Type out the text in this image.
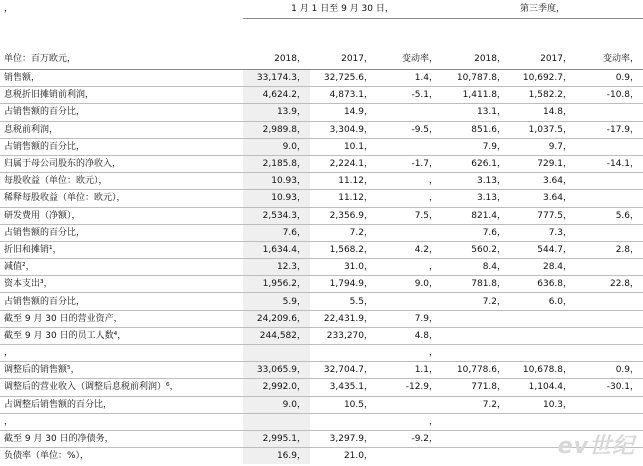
，	1 月 1 日至 9 月 30 日，			第三季度，		
单位：百万欧元，	2018，	2017，	变动率，	2018，	2017，	变动率，
销售额，	33,174.3，	32,725.6，	1.4，	10,787.8，	10,692.7，	0.9，
息税折旧摊销前利润，	4,624.2，	4,873.1，	-5.1，	1,411.8，	1,582.2，	-10.8，
占销售额的百分比，	13.9，	14.9，		13.1，	14.8，	
息税前利润，	2,989.8，	3,304.9，	-9.5，	851.6，	1,037.5，	-17.9，
占销售额的百分比，	9.0，	10.1，		7.9，	9.7，	
归属于母公司股东的净收入，	2,185.8，	2,224.1，	-1.7，	626.1，	729.1，	-14.1，
每股收益（单位：欧元），	10.93，	11.12，	，	3.13，	3.64，	
稀释每股收益（单位：欧元），	10.93，	11.12，	，	3.13，	3.64，	
研发费用（净额），	2,534.3，	2,356.9，	7.5，	821.4，	777.5，	5.6，
占销售额的百分比，	7.6，	7.2，		7.6，	7.3，	
折旧和摊销¹，	1,634.4，	1,568.2，	4.2，	560.2，	544.7，	2.8，
减值²，	12.3，	31.0，	，	8.4，	28.4，	
资本支出³，	1,956.2，	1,794.9，	9.0，	781.8，	636.8，	22.8，
占销售额的百分比，	5.9，	5.5，		7.2，	6.0，	
截至 9 月 30 日的营业资产，	24,209.6，	22,431.9，	7.9，			
截至 9 月 30 日的员工人数⁴，	244,582，	233,270，	4.8，			
，			，			
调整后的销售额⁵，	33,065.9，	32,704.7，	1.1，	10,778.6，	10,678.8，	0.9，
调整后的营业收入（调整后息税前利润）⁶，	2,992.0，	3,435.1，	-12.9，	771.8，	1,104.4，	-30.1，
占调整后销售额的百分比，	9.0，	10.5，		7.2，	10.3，	
，			，			
截至 9 月 30 日的净债务，	2,995.1，	3,297.9，	-9.2，			
负债率（单位：%），	16.9，	21.0，					ev世纪
